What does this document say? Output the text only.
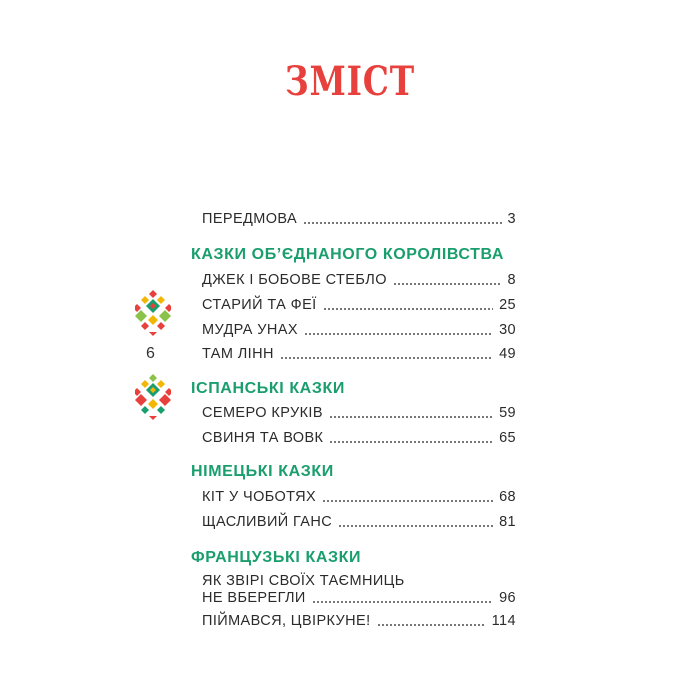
ЗМІСТ
ПЕРЕДМОВА	3
КАЗКИ ОБ’ЄДНАНОГО КОРОЛІВСТВА
ДЖЕК І БОБОВЕ СТЕБЛО	8
СТАРИЙ ТА ФЕЇ	25
МУДРА УНАХ	30
ТАМ ЛІНН	49
ІСПАНСЬКІ КАЗКИ
СЕМЕРО КРУКІВ	59
СВИНЯ ТА ВОВК	65
НІМЕЦЬКІ КАЗКИ
КІТ У ЧОБОТЯХ	68
ЩАСЛИВИЙ ГАНС	81
ФРАНЦУЗЬКІ КАЗКИ
ЯК ЗВІРІ СВОЇХ ТАЄМНИЦЬ
НЕ ВБЕРЕГЛИ	96
ПІЙМАВСЯ, ЦВІРКУНЕ!	114
6
